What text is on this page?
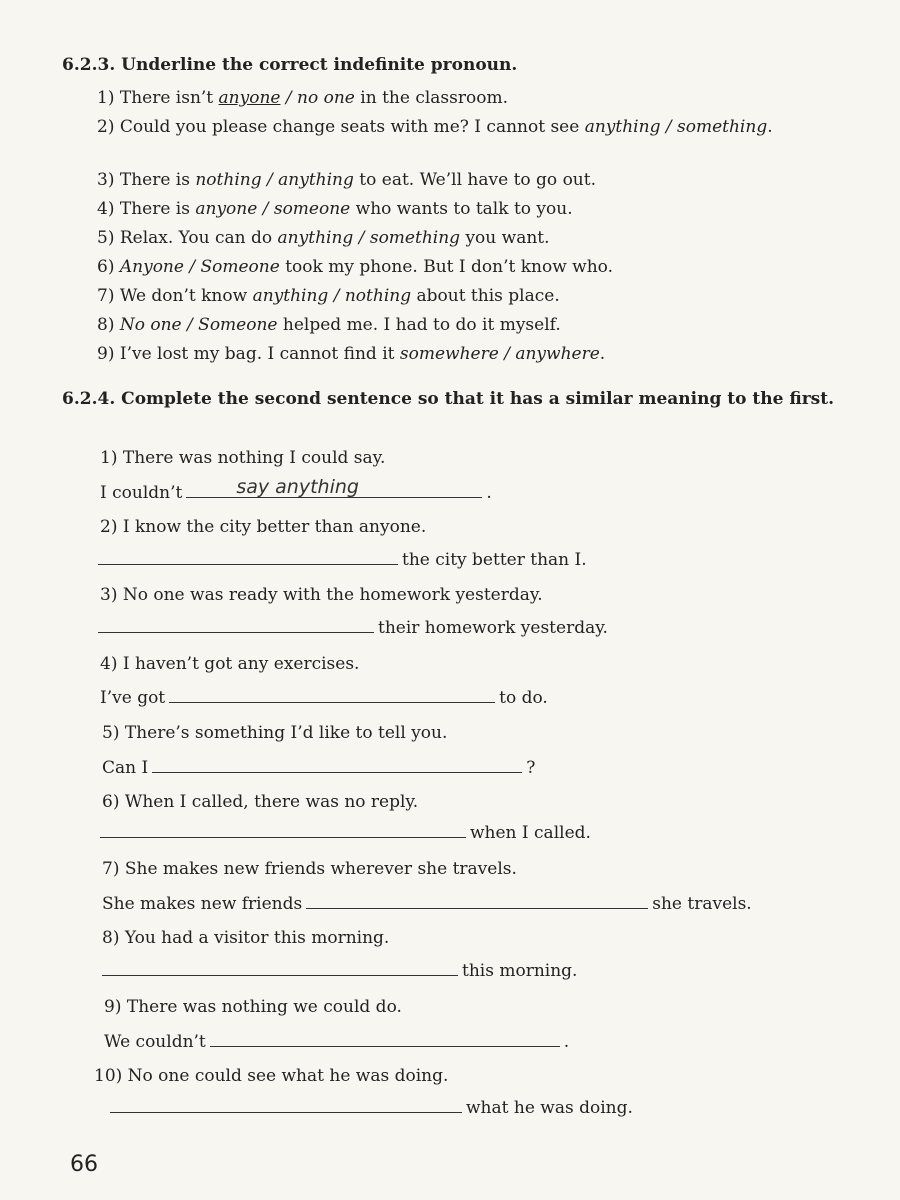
6.2.3. Underline the correct indefinite pronoun.
1) There isn’t anyone / no one in the classroom.
2) Could you please change seats with me? I cannot see anything / something.
3) There is nothing / anything to eat. We’ll have to go out.
4) There is anyone / someone who wants to talk to you.
5) Relax. You can do anything / something you want.
6) Anyone / Someone took my phone. But I don’t know who.
7) We don’t know anything / nothing about this place.
8) No one / Someone helped me. I had to do it myself.
9) I’ve lost my bag. I cannot find it somewhere / anywhere.
6.2.4. Complete the second sentence so that it has a similar meaning to the first.
1) There was nothing I could say.
I couldn’t	say anything	.
2) I know the city better than anyone.
the city better than I.
3) No one was ready with the homework yesterday.
their homework yesterday.
4) I haven’t got any exercises.
I’ve got	to do.
5) There’s something I’d like to tell you.
Can I	?
6) When I called, there was no reply.
when I called.
7) She makes new friends wherever she travels.
She makes new friends	she travels.
8) You had a visitor this morning.
this morning.
9) There was nothing we could do.
We couldn’t	.
10) No one could see what he was doing.
what he was doing.
66
